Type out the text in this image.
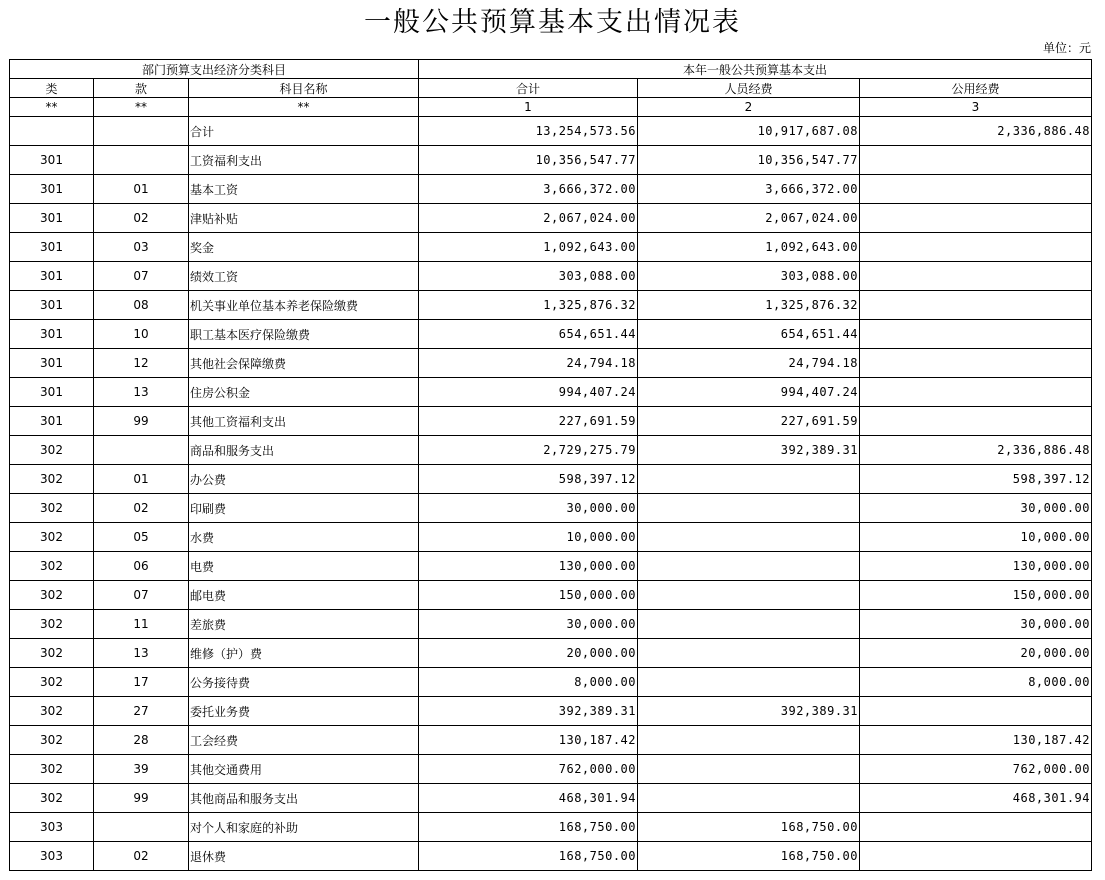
一般公共预算基本支出情况表
单位：元
部门预算支出经济分类科目			本年一般公共预算基本支出		
类	款	科目名称	合计	人员经费	公用经费
**	**	**	1	2	3
		合计	13,254,573.56	10,917,687.08	2,336,886.48
301		工资福利支出	10,356,547.77	10,356,547.77	
301	01	基本工资	3,666,372.00	3,666,372.00	
301	02	津贴补贴	2,067,024.00	2,067,024.00	
301	03	奖金	1,092,643.00	1,092,643.00	
301	07	绩效工资	303,088.00	303,088.00	
301	08	机关事业单位基本养老保险缴费	1,325,876.32	1,325,876.32	
301	10	职工基本医疗保险缴费	654,651.44	654,651.44	
301	12	其他社会保障缴费	24,794.18	24,794.18	
301	13	住房公积金	994,407.24	994,407.24	
301	99	其他工资福利支出	227,691.59	227,691.59	
302		商品和服务支出	2,729,275.79	392,389.31	2,336,886.48
302	01	办公费	598,397.12		598,397.12
302	02	印刷费	30,000.00		30,000.00
302	05	水费	10,000.00		10,000.00
302	06	电费	130,000.00		130,000.00
302	07	邮电费	150,000.00		150,000.00
302	11	差旅费	30,000.00		30,000.00
302	13	维修（护）费	20,000.00		20,000.00
302	17	公务接待费	8,000.00		8,000.00
302	27	委托业务费	392,389.31	392,389.31	
302	28	工会经费	130,187.42		130,187.42
302	39	其他交通费用	762,000.00		762,000.00
302	99	其他商品和服务支出	468,301.94		468,301.94
303		对个人和家庭的补助	168,750.00	168,750.00	
303	02	退休费	168,750.00	168,750.00	
